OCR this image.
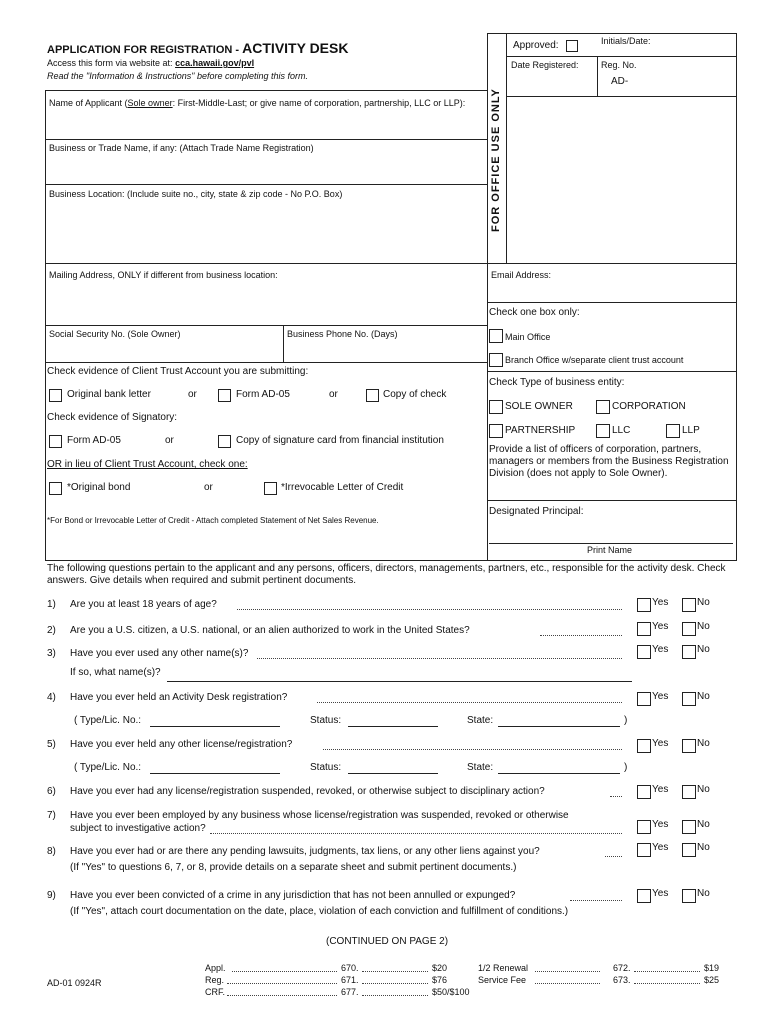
APPLICATION FOR REGISTRATION - ACTIVITY DESK
Access this form via website at: cca.hawaii.gov/pvl
Read the "Information & Instructions" before completing this form.
FOR OFFICE USE ONLY
Approved:	Initials/Date:
Date Registered: Reg. No.
AD-
Name of Applicant (Sole owner: First-Middle-Last; or give name of corporation, partnership, LLC or LLP):
Business or Trade Name, if any: (Attach Trade Name Registration)
Business Location: (Include suite no., city, state & zip code - No P.O. Box)
Mailing Address, ONLY if different from business location:	Email Address:
Social Security No. (Sole Owner)	Business Phone No. (Days)
Check one box only:
Main Office
Branch Office w/separate client trust account
Check Type of business entity:
SOLE OWNER	CORPORATION
PARTNERSHIP	LLC	LLP
Provide a list of officers of corporation, partners, managers or members from the Business Registration Division (does not apply to Sole Owner).
Designated Principal:
Print Name
Check evidence of Client Trust Account you are submitting:
Original bank letter	or	Form AD-05	or	Copy of check
Check evidence of Signatory:
Form AD-05	or	Copy of signature card from financial institution
OR in lieu of Client Trust Account, check one:
*Original bond	or	*Irrevocable Letter of Credit
*For Bond or Irrevocable Letter of Credit - Attach completed Statement of Net Sales Revenue.
The following questions pertain to the applicant and any persons, officers, directors, managements, partners, etc., responsible for the activity desk. Check answers. Give details when required and submit pertinent documents.
1) Are you at least 18 years of age?	Yes	No
2) Are you a U.S. citizen, a U.S. national, or an alien authorized to work in the United States?	Yes	No
3) Have you ever used any other name(s)?
If so, what name(s)?
Yes	No
4) Have you ever held an Activity Desk registration?	Yes	No
5) Have you ever held any other license/registration?	Yes	No
6) Have you ever had any license/registration suspended, revoked, or otherwise subject to disciplinary action?	Yes	No
7) Have you ever been employed by any business whose license/registration was suspended, revoked or otherwise
subject to investigative action?	Yes	No
8) Have you ever had or are there any pending lawsuits, judgments, tax liens, or any other liens against you?
(If "Yes" to questions 6, 7, or 8, provide details on a separate sheet and submit pertinent documents.)
Yes	No
9) Have you ever been convicted of a crime in any jurisdiction that has not been annulled or expunged?
(If "Yes", attach court documentation on the date, place, violation of each conviction and fulfillment of conditions.)
Yes	No
( Type/Lic. No.:	Status:	State:	)
( Type/Lic. No.:	Status:	State:	)
(CONTINUED ON PAGE 2)
AD-01 0924R
Appl.	670.	$20
Reg.	671.	$76
CRF.	677.	$50/$100
1/2 Renewal	672.	$19
Service Fee	673.	$25
